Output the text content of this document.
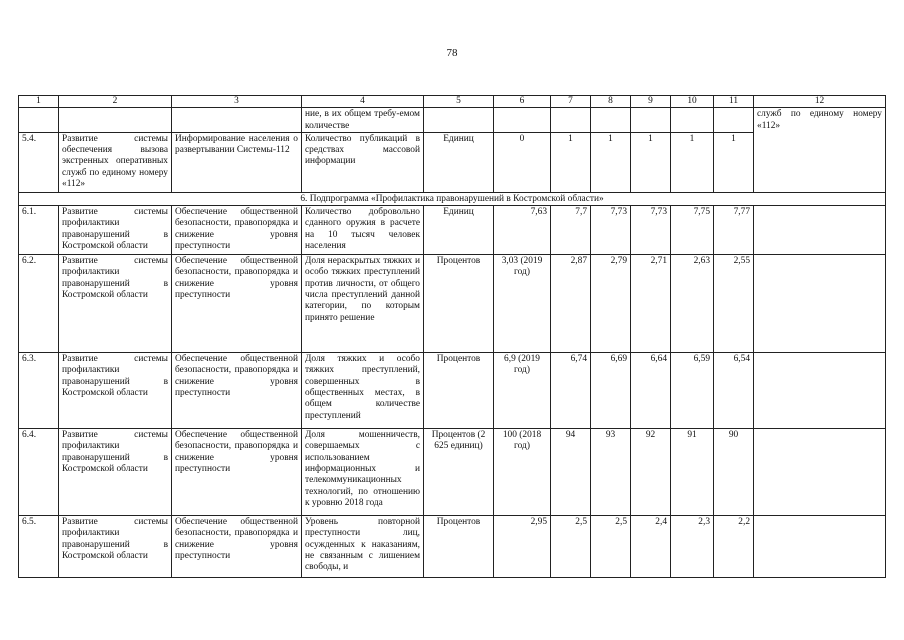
78
1	2	3	4	5	6	7	8	9	10	11	12
			ние, в их общем требу-емом количестве								служб по единому номеру «112»
5.4.	Развитие системы обеспечения вызова экстренных оперативных служб по единому номеру «112»	Информирование населения о развертывании Системы-112	Количество публикаций в средствах массовой информации	Единиц	0	1	1	1	1	1	
6. Подпрограмма «Профилактика правонарушений в Костромской области»											
6.1.	Развитие системы профилактики правонарушений в Костромской области	Обеспечение общественной безопасности, правопорядка и снижение уровня преступности	Количество добровольно сданного оружия в расчете на 10 тысяч человек населения	Единиц	7,63	7,7	7,73	7,73	7,75	7,77	
6.2.	Развитие системы профилактики правонарушений в Костромской области	Обеспечение общественной безопасности, правопорядка и снижение уровня преступности	Доля нераскрытых тяжких и особо тяжких преступлений против личности, от общего числа преступлений данной категории, по которым принято решение	Процентов	3,03 (2019 год)	2,87	2,79	2,71	2,63	2,55	
6.3.	Развитие системы профилактики правонарушений в Костромской области	Обеспечение общественной безопасности, правопорядка и снижение уровня преступности	Доля тяжких и особо тяжких преступлений, совершенных в общественных местах, в общем количестве преступлений	Процентов	6,9 (2019 год)	6,74	6,69	6,64	6,59	6,54	
6.4.	Развитие системы профилактики правонарушений в Костромской области	Обеспечение общественной безопасности, правопорядка и снижение уровня преступности	Доля мошенничеств, совершаемых с использованием информационных и телекоммуникационных технологий, по отношению к уровню 2018 года	Процентов (2 625 единиц)	100 (2018 год)	94	93	92	91	90	
6.5.	Развитие системы профилактики правонарушений в Костромской области	Обеспечение общественной безопасности, правопорядка и снижение уровня преступности	Уровень повторной преступности лиц, осужденных к наказаниям, не связанным с лишением свободы, и	Процентов	2,95	2,5	2,5	2,4	2,3	2,2	
